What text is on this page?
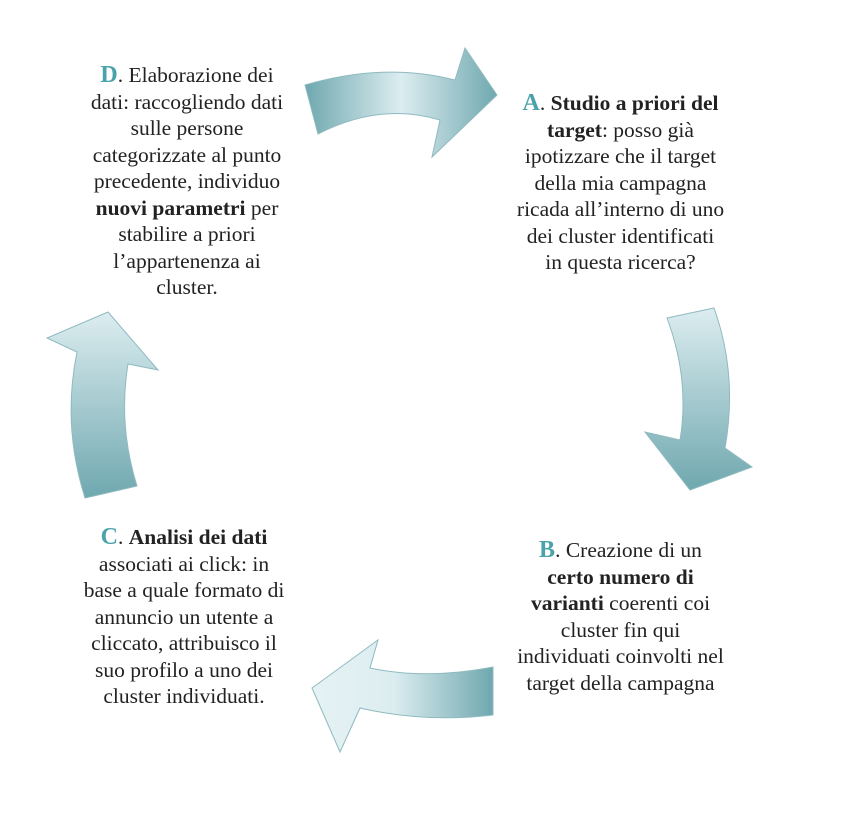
D. Elaborazione dei
dati: raccogliendo dati
sulle persone
categorizzate al punto
precedente, individuo
nuovi parametri per
stabilire a priori
l’appartenenza ai
cluster.
A. Studio a priori del
target: posso già
ipotizzare che il target
della mia campagna
ricada all’interno di uno
dei cluster identificati
in questa ricerca?
B. Creazione di un
certo numero di
varianti coerenti coi
cluster fin qui
individuati coinvolti nel
target della campagna
C. Analisi dei dati
associati ai click: in
base a quale formato di
annuncio un utente a
cliccato, attribuisco il
suo profilo a uno dei
cluster individuati.
